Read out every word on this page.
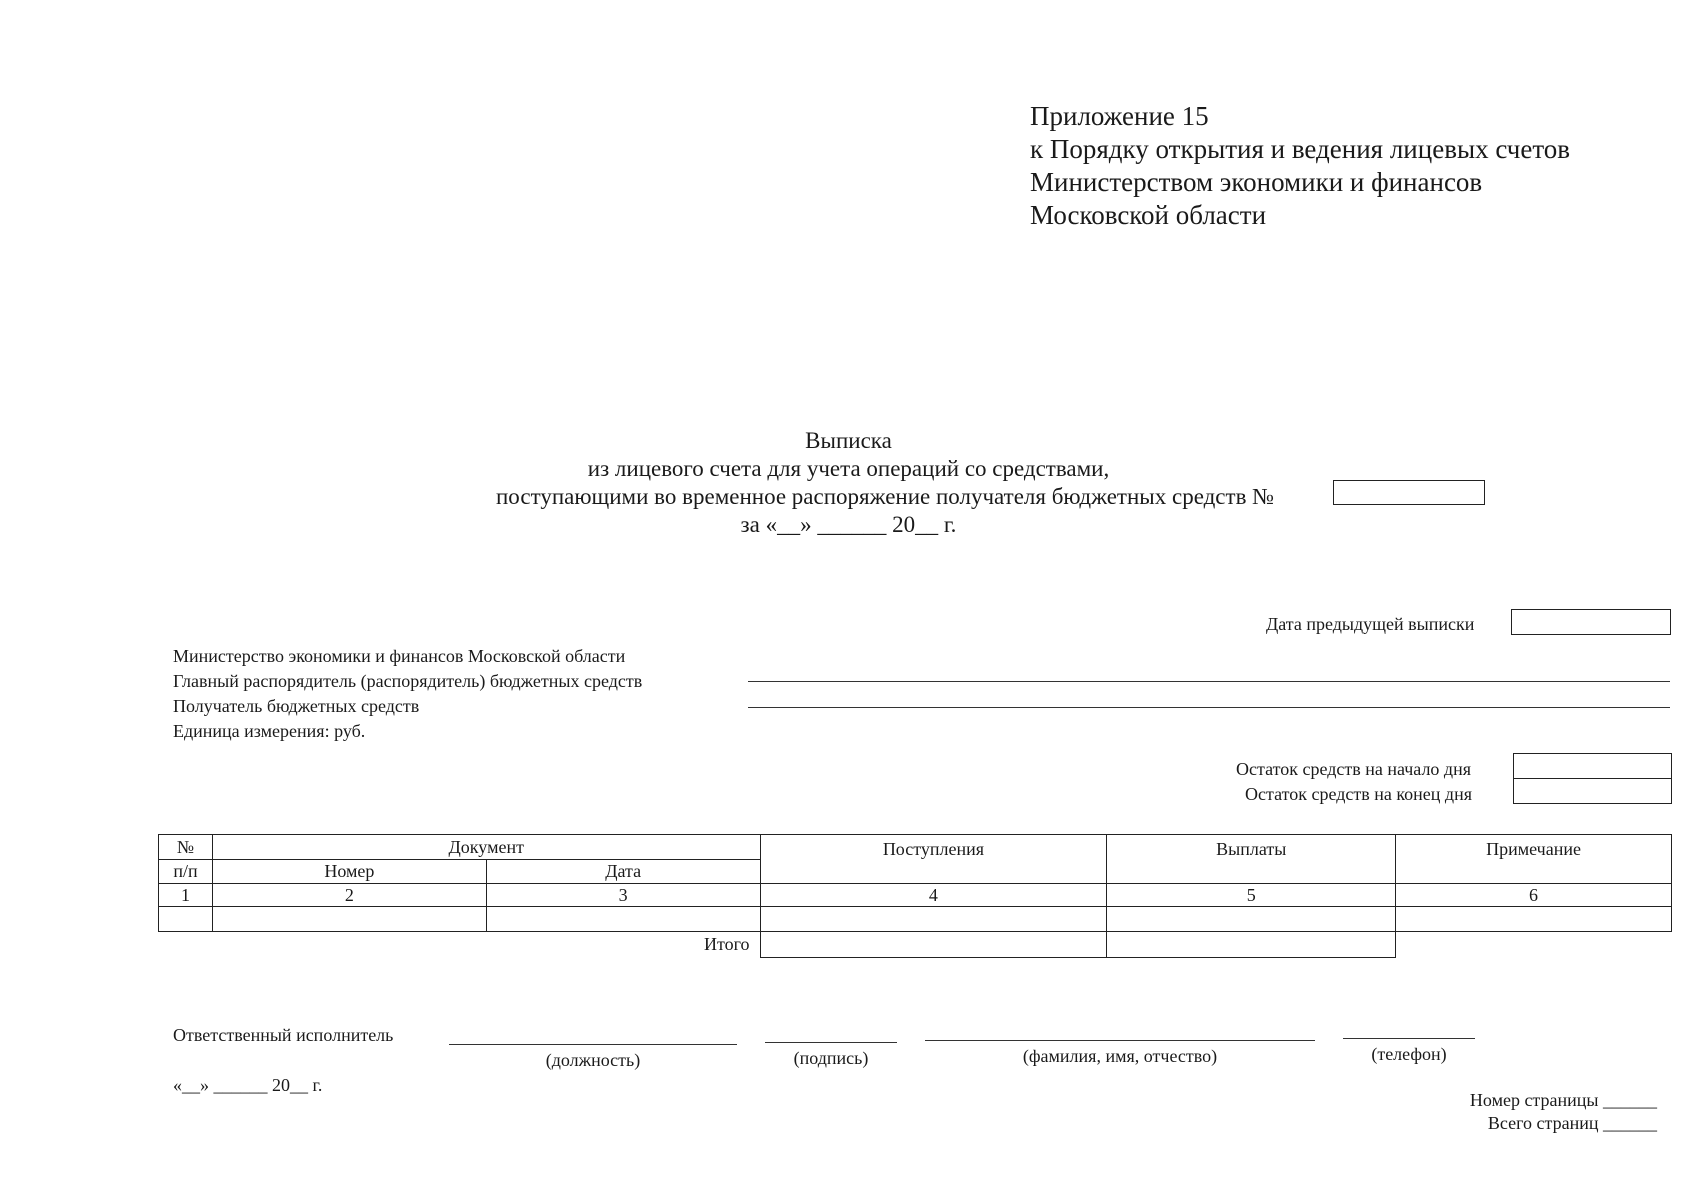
Приложение 15
к Порядку открытия и ведения лицевых счетов
Министерством экономики и финансов
Московской области
Выписка
из лицевого счета для учета операций со средствами,
поступающими во временное распоряжение получателя бюджетных средств №
за «__» ______ 20__ г.
Дата предыдущей выписки
Министерство экономики и финансов Московской области
Главный распорядитель (распорядитель) бюджетных средств
Получатель бюджетных средств
Единица измерения: руб.
Остаток средств на начало дня
Остаток средств на конец дня
№	Документ		Поступления	Выплаты	Примечание
п/п	Номер	Дата			
1	2	3	4	5	6

Итого					
Ответственный исполнитель
(должность)	(подпись)	(фамилия, имя, отчество)	(телефон)
«__» ______ 20__ г.
Номер страницы ______
Всего страниц ______
